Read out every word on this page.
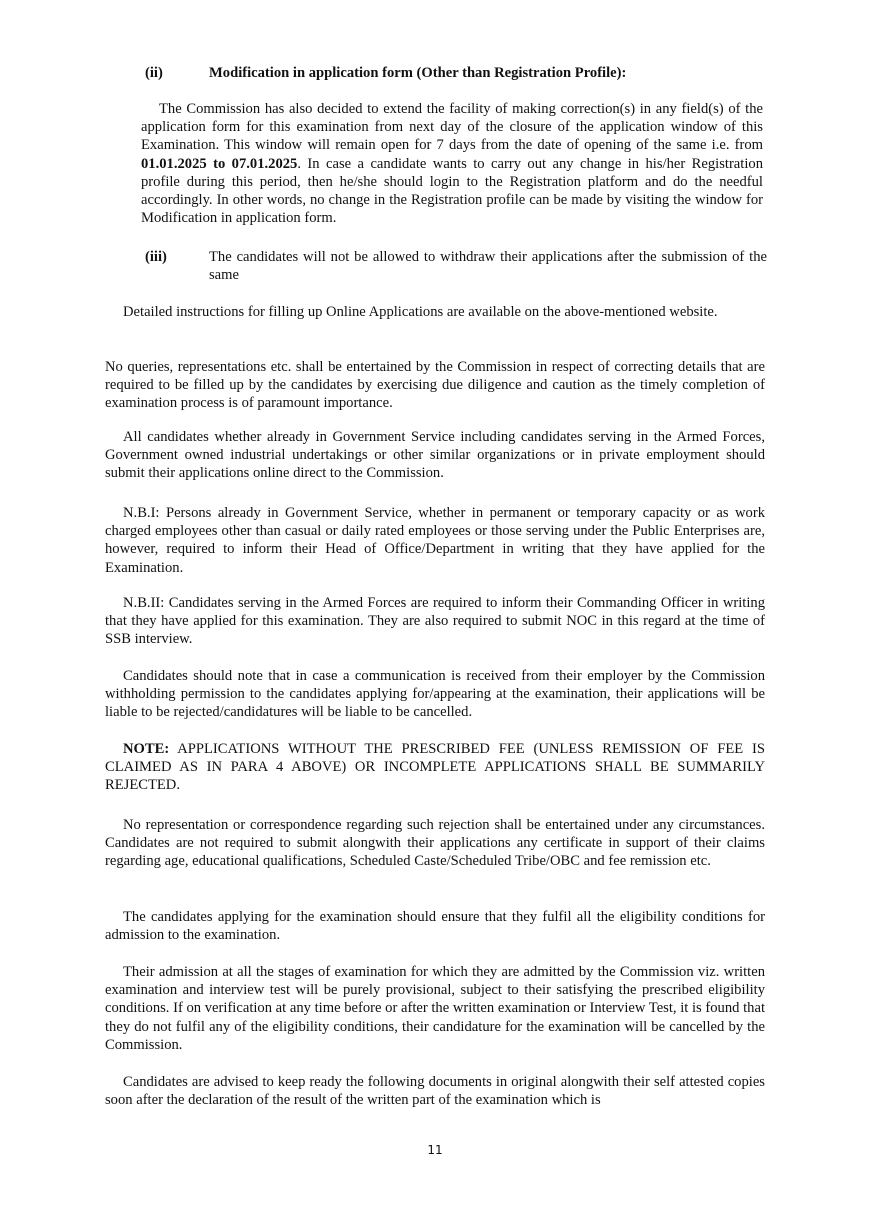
(ii)	Modification in application form (Other than Registration Profile):

The Commission has also decided to extend the facility of making correction(s) in any field(s) of the application form for this examination from next day of the closure of the application window of this Examination. This window will remain open for 7 days from the date of opening of the same i.e. from 01.01.2025 to 07.01.2025. In case a candidate wants to carry out any change in his/her Registration profile during this period, then he/she should login to the Registration platform and do the needful accordingly. In other words, no change in the Registration profile can be made by visiting the window for Modification in application form.

(iii)	The candidates will not be allowed to withdraw their applications after the submission of the same

Detailed instructions for filling up Online Applications are available on the above-mentioned website.

No queries, representations etc. shall be entertained by the Commission in respect of correcting details that are required to be filled up by the candidates by exercising due diligence and caution as the timely completion of examination process is of paramount importance.

All candidates whether already in Government Service including candidates serving in the Armed Forces, Government owned industrial undertakings or other similar organizations or in private employment should submit their applications online direct to the Commission.

N.B.I: Persons already in Government Service, whether in permanent or temporary capacity or as work charged employees other than casual or daily rated employees or those serving under the Public Enterprises are, however, required to inform their Head of Office/Department in writing that they have applied for the Examination.

N.B.II: Candidates serving in the Armed Forces are required to inform their Commanding Officer in writing that they have applied for this examination. They are also required to submit NOC in this regard at the time of SSB interview.

Candidates should note that in case a communication is received from their employer by the Commission withholding permission to the candidates applying for/appearing at the examination, their applications will be liable to be rejected/candidatures will be liable to be cancelled.

NOTE: APPLICATIONS WITHOUT THE PRESCRIBED FEE (UNLESS REMISSION OF FEE IS CLAIMED AS IN PARA 4 ABOVE) OR INCOMPLETE APPLICATIONS SHALL BE SUMMARILY REJECTED.

No representation or correspondence regarding such rejection shall be entertained under any circumstances. Candidates are not required to submit alongwith their applications any certificate in support of their claims regarding age, educational qualifications, Scheduled Caste/Scheduled Tribe/OBC and fee remission etc.

The candidates applying for the examination should ensure that they fulfil all the eligibility conditions for admission to the examination.

Their admission at all the stages of examination for which they are admitted by the Commission viz. written examination and interview test will be purely provisional, subject to their satisfying the prescribed eligibility conditions. If on verification at any time before or after the written examination or Interview Test, it is found that they do not fulfil any of the eligibility conditions, their candidature for the examination will be cancelled by the Commission.

Candidates are advised to keep ready the following documents in original alongwith their self attested copies soon after the declaration of the result of the written part of the examination which is

11
